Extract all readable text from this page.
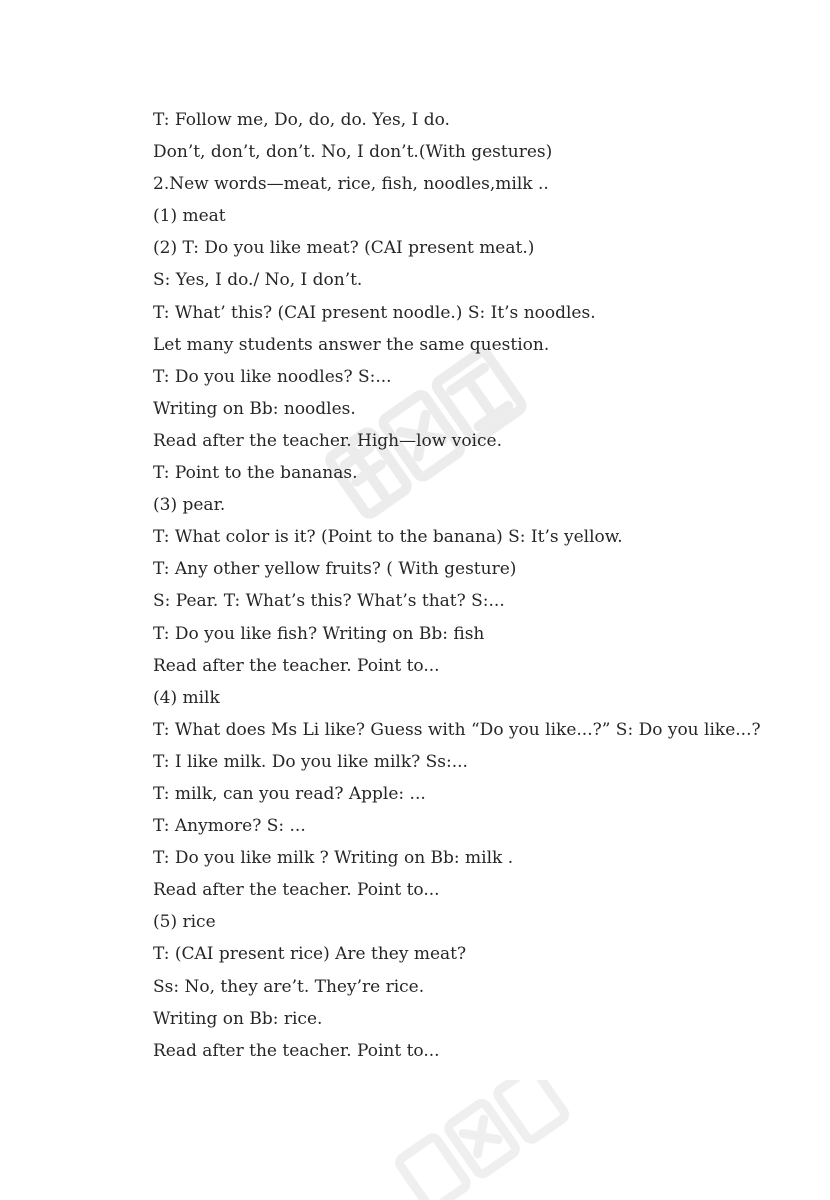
T: Follow me, Do, do, do. Yes, I do.
Don’t, don’t, don’t. No, I don’t.(With gestures)
2.New words—meat, rice, fish, noodles,milk ..
(1) meat
(2) T: Do you like meat? (CAI present meat.)
S: Yes, I do./ No, I don’t.
T: What’ this? (CAI present noodle.) S: It’s noodles.
Let many students answer the same question.
T: Do you like noodles? S:...
Writing on Bb: noodles.
Read after the teacher. High—low voice.
T: Point to the bananas.
(3) pear.
T: What color is it? (Point to the banana) S: It’s yellow.
T: Any other yellow fruits? ( With gesture)
S: Pear. T: What’s this? What’s that? S:...
T: Do you like fish? Writing on Bb: fish
Read after the teacher. Point to...
(4) milk
T: What does Ms Li like? Guess with “Do you like...?” S: Do you like...?
T: I like milk. Do you like milk? Ss:...
T: milk, can you read? Apple: ...
T: Anymore? S: ...
T: Do you like milk ? Writing on Bb: milk .
Read after the teacher. Point to...
(5) rice
T: (CAI present rice) Are they meat?
Ss: No, they are’t. They’re rice.
Writing on Bb: rice.
Read after the teacher. Point to...
